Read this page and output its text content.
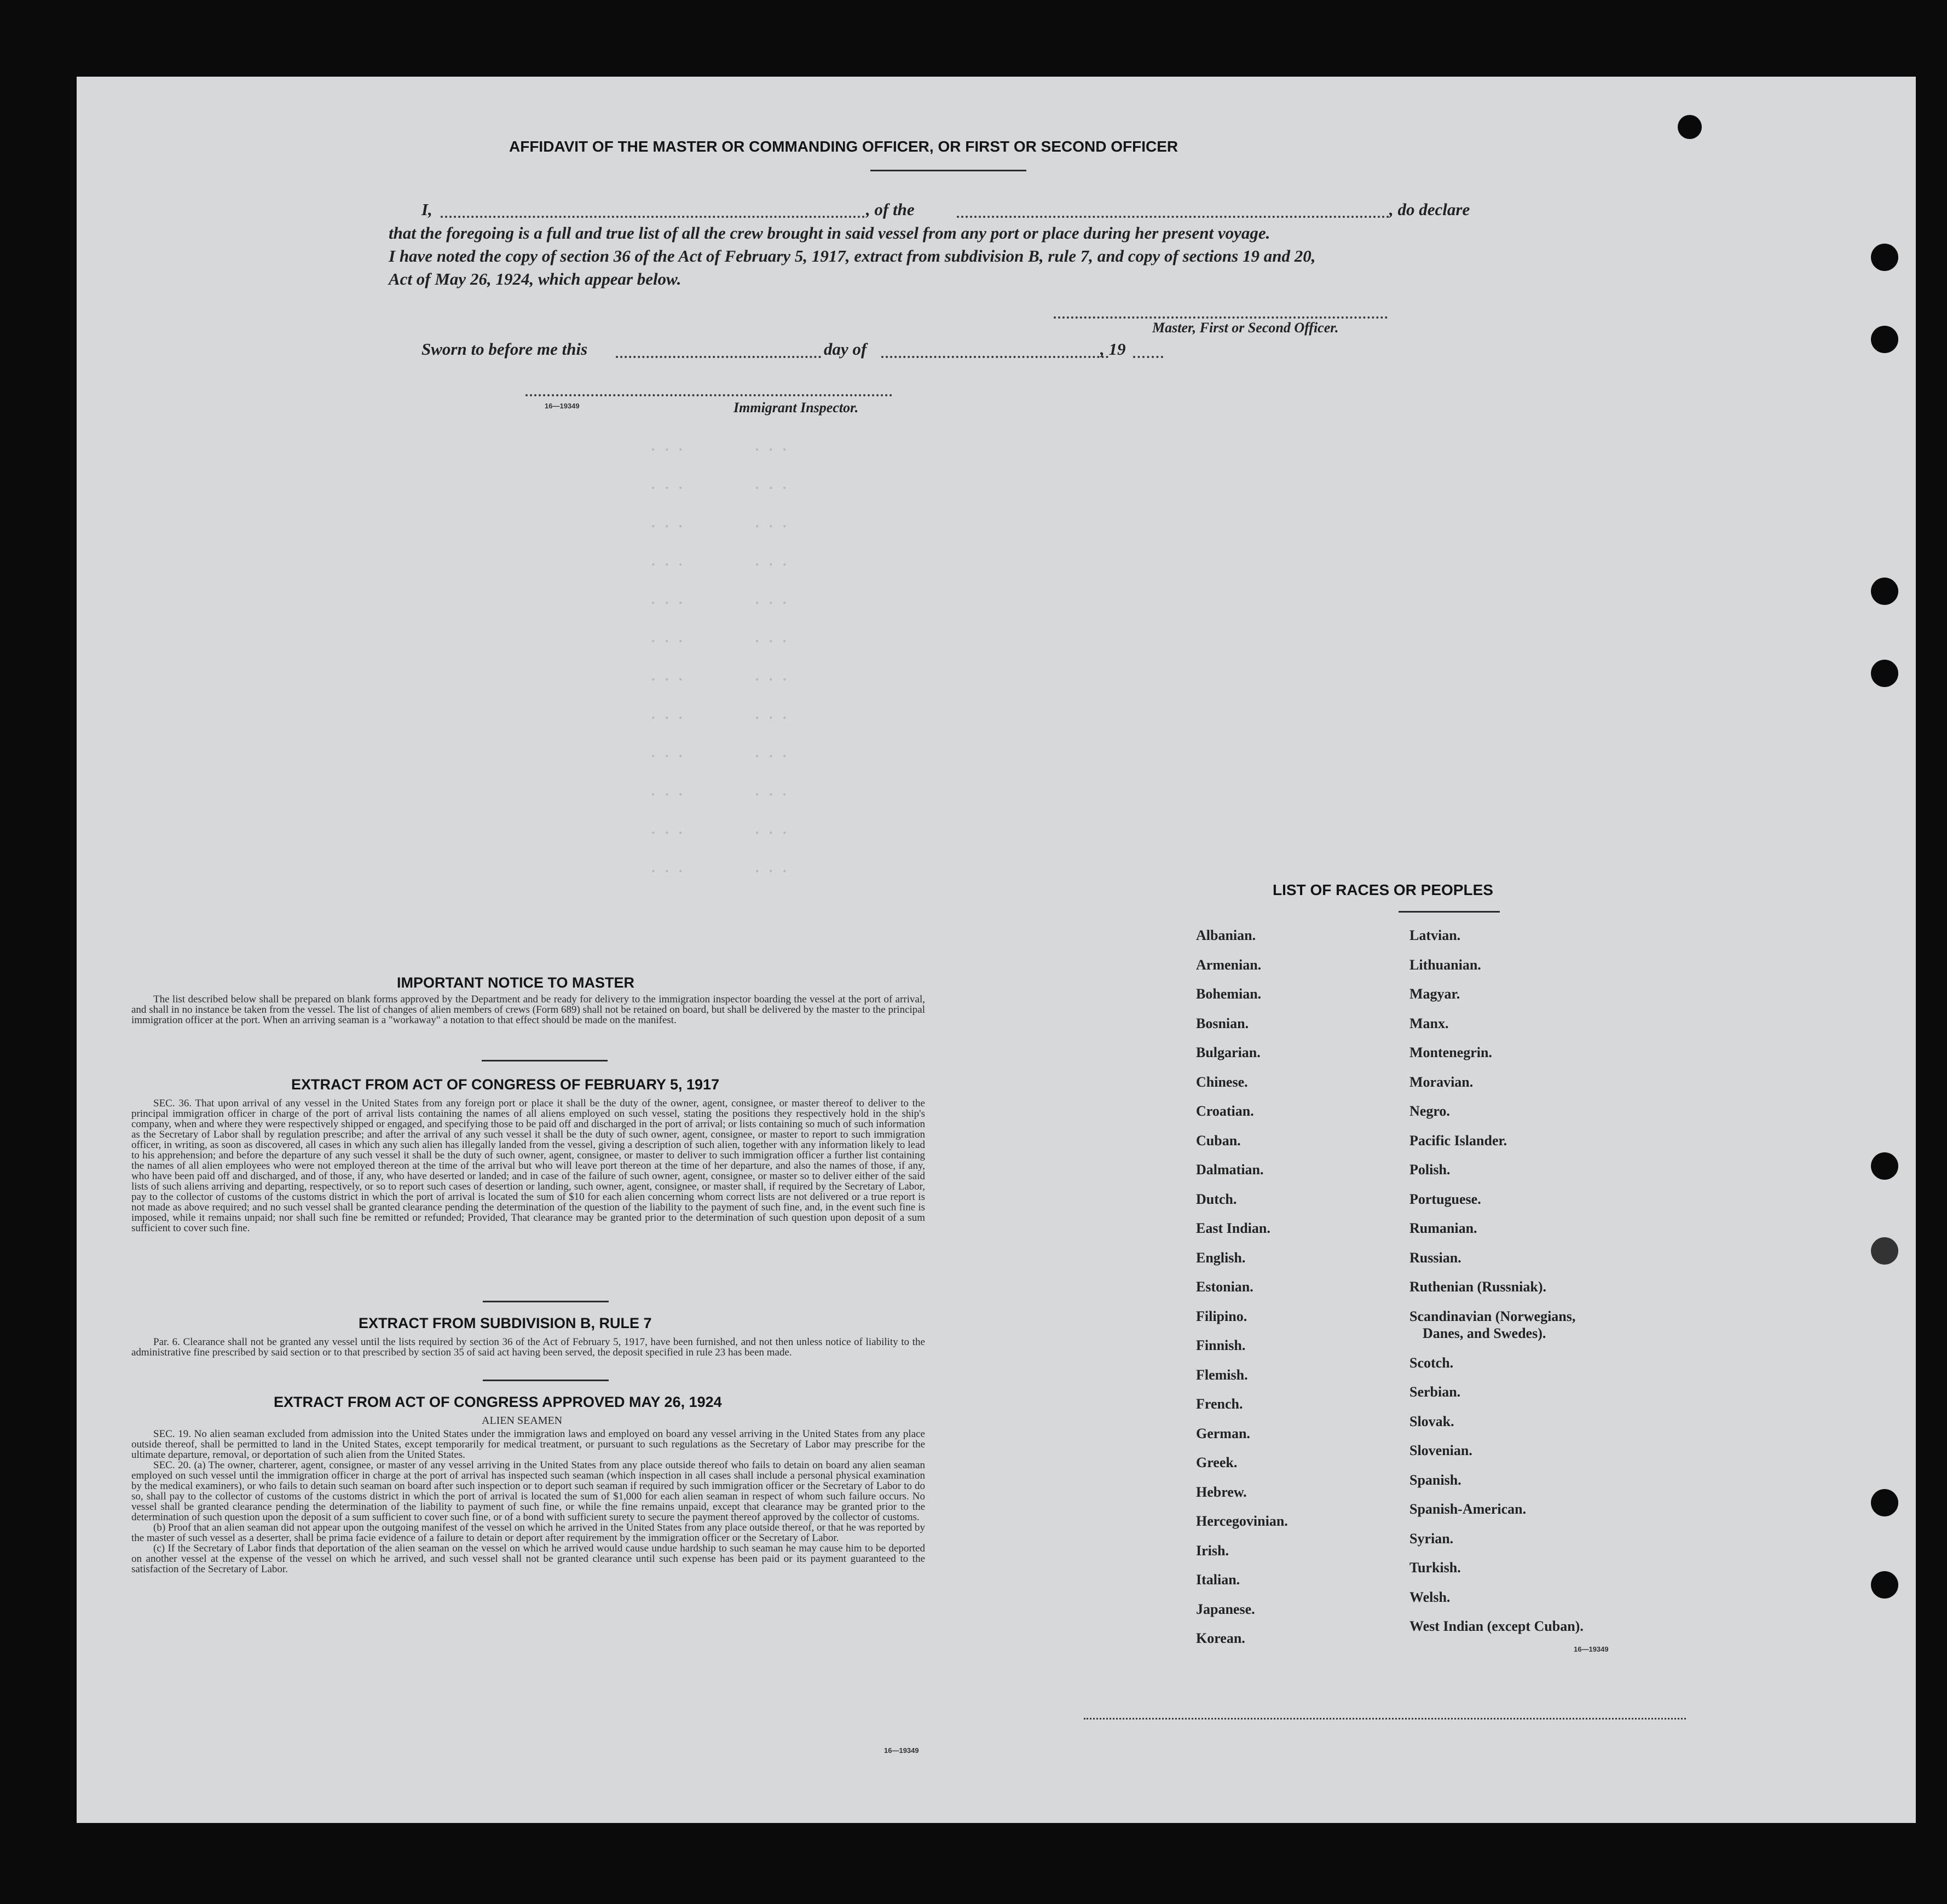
AFFIDAVIT OF THE MASTER OR COMMANDING OFFICER, OR FIRST OR SECOND OFFICER
I,	, of the	, do declare
that the foregoing is a full and true list of all the crew brought in said vessel from any port or place during her present voyage.
I have noted the copy of section 36 of the Act of February 5, 1917, extract from subdivision B, rule 7, and copy of sections 19 and 20,
Act of May 26, 1924, which appear below.
Master, First or Second Officer.
Sworn to before me this	day of	, 19
16—19349	Immigrant Inspector.
. . .
. . .
. . .
. . .
. . .
. . .
. . .
. . .
. . .
. . .
. . .
. . .
. . .
. . .
. . .
. . .
. . .
. . .
. . .
. . .
. . .
. . .
. . .
. . .
IMPORTANT NOTICE TO MASTER

The list described below shall be prepared on blank forms approved by the Department and be ready for delivery to the immigration inspector boarding the vessel at the port of arrival, and shall in no instance be taken from the vessel. The list of changes of alien members of crews (Form 689) shall not be retained on board, but shall be delivered by the master to the principal immigration officer at the port. When an arriving seaman is a "workaway" a notation to that effect should be made on the manifest.

EXTRACT FROM ACT OF CONGRESS OF FEBRUARY 5, 1917

SEC. 36. That upon arrival of any vessel in the United States from any foreign port or place it shall be the duty of the owner, agent, consignee, or master thereof to deliver to the principal immigration officer in charge of the port of arrival lists containing the names of all aliens employed on such vessel, stating the positions they respectively hold in the ship's company, when and where they were respectively shipped or engaged, and specifying those to be paid off and discharged in the port of arrival; or lists containing so much of such information as the Secretary of Labor shall by regulation prescribe; and after the arrival of any such vessel it shall be the duty of such owner, agent, consignee, or master to report to such immigration officer, in writing, as soon as discovered, all cases in which any such alien has illegally landed from the vessel, giving a description of such alien, together with any information likely to lead to his apprehension; and before the departure of any such vessel it shall be the duty of such owner, agent, consignee, or master to deliver to such immigration officer a further list containing the names of all alien employees who were not employed thereon at the time of the arrival but who will leave port thereon at the time of her departure, and also the names of those, if any, who have been paid off and discharged, and of those, if any, who have deserted or landed; and in case of the failure of such owner, agent, consignee, or master so to deliver either of the said lists of such aliens arriving and departing, respectively, or so to report such cases of desertion or landing, such owner, agent, consignee, or master shall, if required by the Secretary of Labor, pay to the collector of customs of the customs district in which the port of arrival is located the sum of $10 for each alien concerning whom correct lists are not delivered or a true report is not made as above required; and no such vessel shall be granted clearance pending the determination of the question of the liability to the payment of such fine, and, in the event such fine is imposed, while it remains unpaid; nor shall such fine be remitted or refunded; Provided, That clearance may be granted prior to the determination of such question upon deposit of a sum sufficient to cover such fine.

EXTRACT FROM SUBDIVISION B, RULE 7

Par. 6. Clearance shall not be granted any vessel until the lists required by section 36 of the Act of February 5, 1917, have been furnished, and not then unless notice of liability to the administrative fine prescribed by said section or to that prescribed by section 35 of said act having been served, the deposit specified in rule 23 has been made.

EXTRACT FROM ACT OF CONGRESS APPROVED MAY 26, 1924
ALIEN SEAMEN

SEC. 19. No alien seaman excluded from admission into the United States under the immigration laws and employed on board any vessel arriving in the United States from any place outside thereof, shall be permitted to land in the United States, except temporarily for medical treatment, or pursuant to such regulations as the Secretary of Labor may prescribe for the ultimate departure, removal, or deportation of such alien from the United States.

SEC. 20. (a) The owner, charterer, agent, consignee, or master of any vessel arriving in the United States from any place outside thereof who fails to detain on board any alien seaman employed on such vessel until the immigration officer in charge at the port of arrival has inspected such seaman (which inspection in all cases shall include a personal physical examination by the medical examiners), or who fails to detain such seaman on board after such inspection or to deport such seaman if required by such immigration officer or the Secretary of Labor to do so, shall pay to the collector of customs of the customs district in which the port of arrival is located the sum of $1,000 for each alien seaman in respect of whom such failure occurs. No vessel shall be granted clearance pending the determination of the liability to payment of such fine, or while the fine remains unpaid, except that clearance may be granted prior to the determination of such question upon the deposit of a sum sufficient to cover such fine, or of a bond with sufficient surety to secure the payment thereof approved by the collector of customs.

(b) Proof that an alien seaman did not appear upon the outgoing manifest of the vessel on which he arrived in the United States from any place outside thereof, or that he was reported by the master of such vessel as a deserter, shall be prima facie evidence of a failure to detain or deport after requirement by the immigration officer or the Secretary of Labor.

(c) If the Secretary of Labor finds that deportation of the alien seaman on the vessel on which he arrived would cause undue hardship to such seaman he may cause him to be deported on another vessel at the expense of the vessel on which he arrived, and such vessel shall not be granted clearance until such expense has been paid or its payment guaranteed to the satisfaction of the Secretary of Labor.

16—19349
LIST OF RACES OR PEOPLES
Albanian.
Armenian.
Bohemian.
Bosnian.
Bulgarian.
Chinese.
Croatian.
Cuban.
Dalmatian.
Dutch.
East Indian.
English.
Estonian.
Filipino.
Finnish.
Flemish.
French.
German.
Greek.
Hebrew.
Hercegovinian.
Irish.
Italian.
Japanese.
Korean.
Latvian.
Lithuanian.
Magyar.
Manx.
Montenegrin.
Moravian.
Negro.
Pacific Islander.
Polish.
Portuguese.
Rumanian.
Russian.
Ruthenian (Russniak).
Scandinavian (Norwegians,
Danes, and Swedes).
Scotch.
Serbian.
Slovak.
Slovenian.
Spanish.
Spanish-American.
Syrian.
Turkish.
Welsh.
West Indian (except Cuban).
16—19349
